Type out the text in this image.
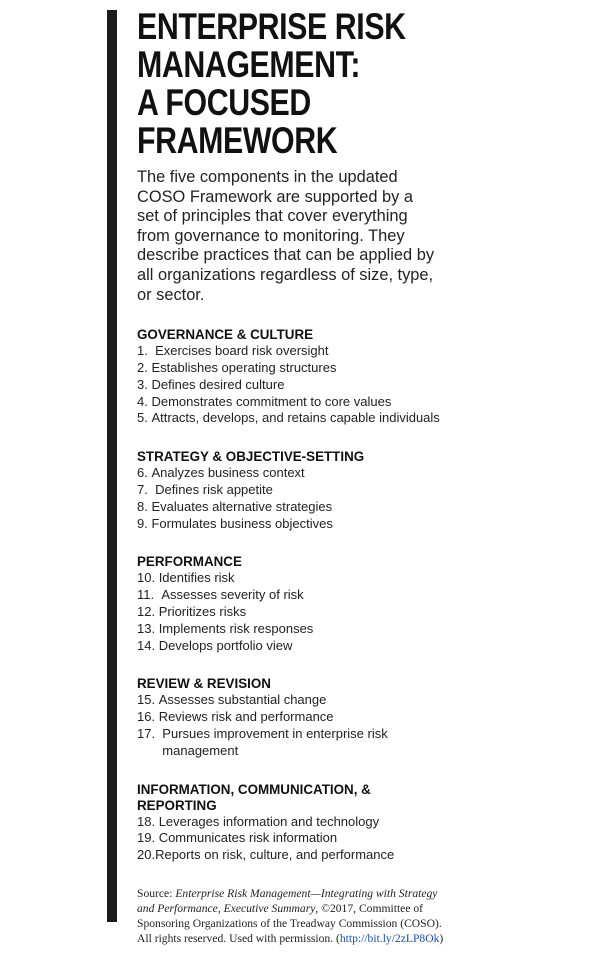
ENTERPRISE RISK
MANAGEMENT:
A FOCUSED
FRAMEWORK

The five components in the updated COSO Framework are supported by a set of principles that cover everything from governance to monitoring. They describe practices that can be applied by all organizations regardless of size, type, or sector.

GOVERNANCE & CULTURE
1. Exercises board risk oversight
2. Establishes operating structures
3. Defines desired culture
4. Demonstrates commitment to core values
5. Attracts, develops, and retains capable individuals
STRATEGY & OBJECTIVE-SETTING
6. Analyzes business context
7. Defines risk appetite
8. Evaluates alternative strategies
9. Formulates business objectives
PERFORMANCE
10. Identifies risk
11. Assesses severity of risk
12. Prioritizes risks
13. Implements risk responses
14. Develops portfolio view
REVIEW & REVISION
15. Assesses substantial change
16. Reviews risk and performance
17. Pursues improvement in enterprise risk management
INFORMATION, COMMUNICATION, & REPORTING
18. Leverages information and technology
19. Communicates risk information
20. Reports on risk, culture, and performance

Source: Enterprise Risk Management—Integrating with Strategy and Performance, Executive Summary, ©2017, Committee of Sponsoring Organizations of the Treadway Commission (COSO). All rights reserved. Used with permission. (http://bit.ly/2zLP8Ok)
